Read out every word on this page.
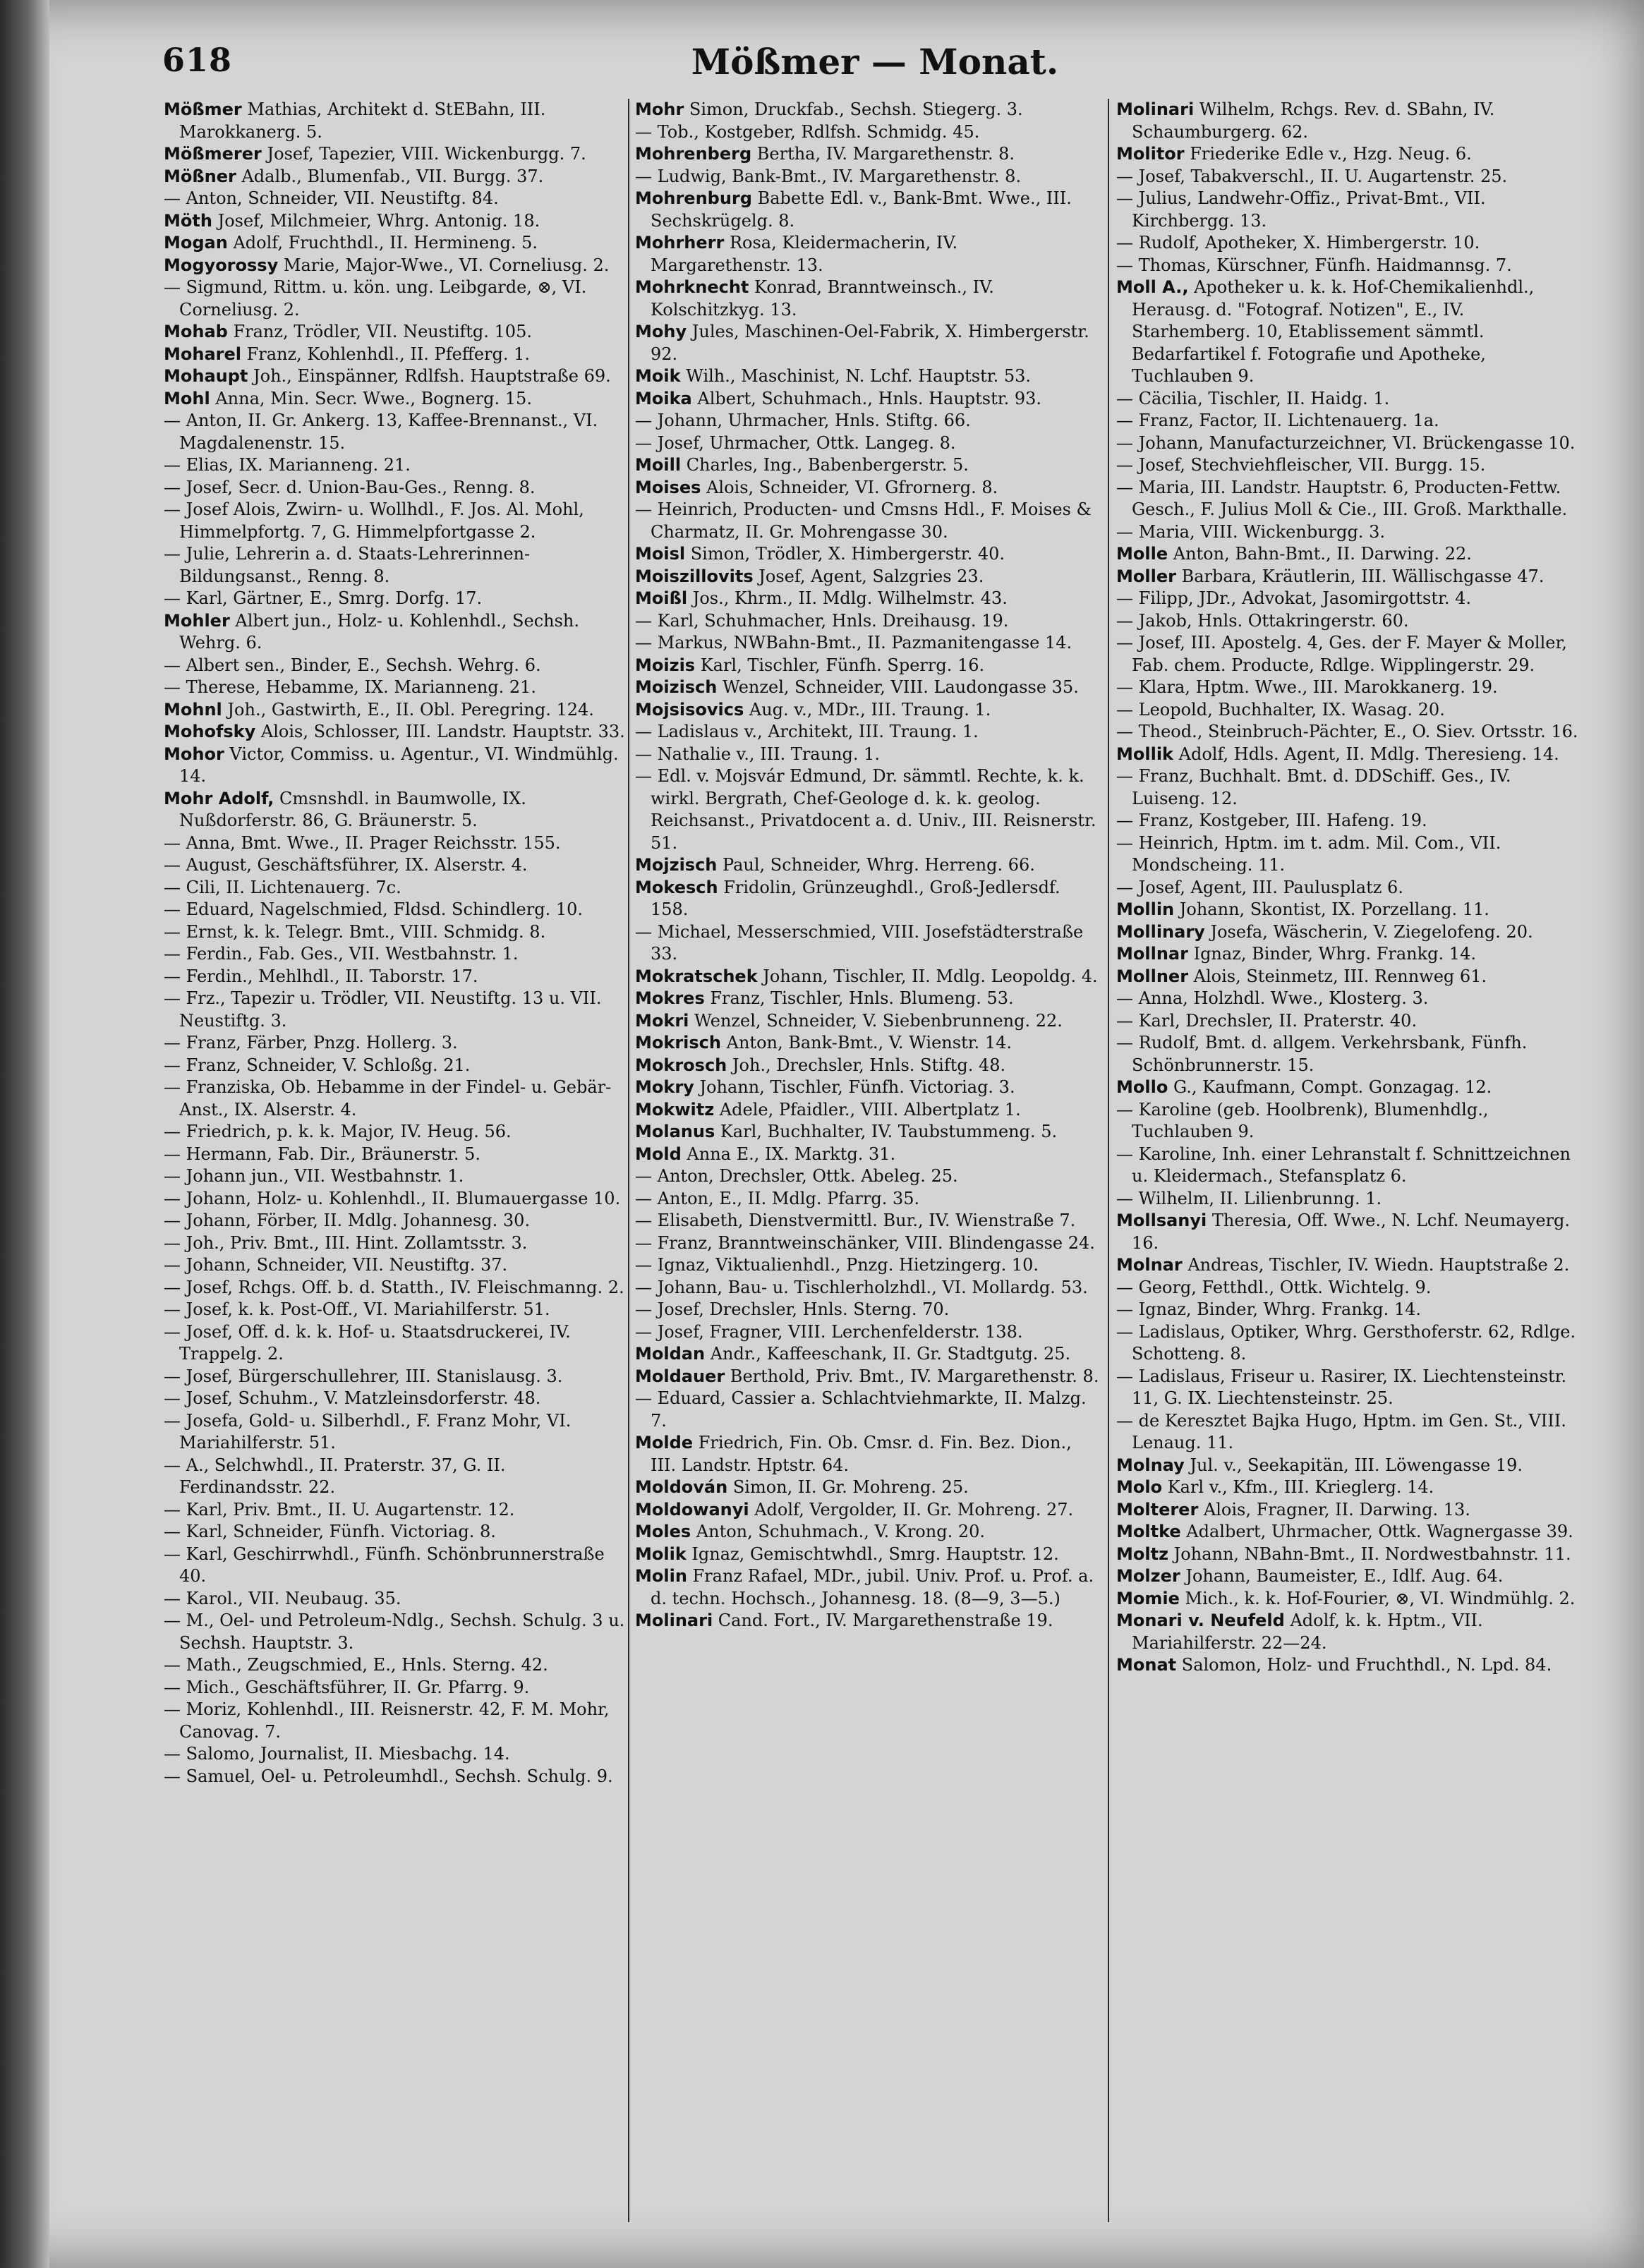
618	Mößmer — Monat.

Mößmer Mathias, Architekt d. StEBahn, III. Marokkanerg. 5.

Mößmerer Josef, Tapezier, VIII. Wickenburgg. 7.

Mößner Adalb., Blumenfab., VII. Burgg. 37.

— Anton, Schneider, VII. Neustiftg. 84.

Möth Josef, Milchmeier, Whrg. Antonig. 18.

Mogan Adolf, Fruchthdl., II. Hermineng. 5.

Mogyorossy Marie, Major-Wwe., VI. Corneliusg. 2.

— Sigmund, Rittm. u. kön. ung. Leibgarde, ⊗, VI. Corneliusg. 2.

Mohab Franz, Trödler, VII. Neustiftg. 105.

Moharel Franz, Kohlenhdl., II. Pfefferg. 1.

Mohaupt Joh., Einspänner, Rdlfsh. Hauptstraße 69.

Mohl Anna, Min. Secr. Wwe., Bognerg. 15.

— Anton, II. Gr. Ankerg. 13, Kaffee-Brennanst., VI. Magdalenenstr. 15.

— Elias, IX. Marianneng. 21.

— Josef, Secr. d. Union-Bau-Ges., Renng. 8.

— Josef Alois, Zwirn- u. Wollhdl., F. Jos. Al. Mohl, Himmelpfortg. 7, G. Himmelpfortgasse 2.

— Julie, Lehrerin a. d. Staats-Lehrerinnen-Bildungsanst., Renng. 8.

— Karl, Gärtner, E., Smrg. Dorfg. 17.

Mohler Albert jun., Holz- u. Kohlenhdl., Sechsh. Wehrg. 6.

— Albert sen., Binder, E., Sechsh. Wehrg. 6.

— Therese, Hebamme, IX. Marianneng. 21.

Mohnl Joh., Gastwirth, E., II. Obl. Peregring. 124.

Mohofsky Alois, Schlosser, III. Landstr. Hauptstr. 33.

Mohor Victor, Commiss. u. Agentur., VI. Windmühlg. 14.

Mohr Adolf, Cmsnshdl. in Baumwolle, IX. Nußdorferstr. 86, G. Bräunerstr. 5.

— Anna, Bmt. Wwe., II. Prager Reichsstr. 155.

— August, Geschäftsführer, IX. Alserstr. 4.

— Cili, II. Lichtenauerg. 7c.

— Eduard, Nagelschmied, Fldsd. Schindlerg. 10.

— Ernst, k. k. Telegr. Bmt., VIII. Schmidg. 8.

— Ferdin., Fab. Ges., VII. Westbahnstr. 1.

— Ferdin., Mehlhdl., II. Taborstr. 17.

— Frz., Tapezir u. Trödler, VII. Neustiftg. 13 u. VII. Neustiftg. 3.

— Franz, Färber, Pnzg. Hollerg. 3.

— Franz, Schneider, V. Schloßg. 21.

— Franziska, Ob. Hebamme in der Findel- u. Gebär-Anst., IX. Alserstr. 4.

— Friedrich, p. k. k. Major, IV. Heug. 56.

— Hermann, Fab. Dir., Bräunerstr. 5.

— Johann jun., VII. Westbahnstr. 1.

— Johann, Holz- u. Kohlenhdl., II. Blumauergasse 10.

— Johann, Förber, II. Mdlg. Johannesg. 30.

— Joh., Priv. Bmt., III. Hint. Zollamtsstr. 3.

— Johann, Schneider, VII. Neustiftg. 37.

— Josef, Rchgs. Off. b. d. Statth., IV. Fleischmanng. 2.

— Josef, k. k. Post-Off., VI. Mariahilferstr. 51.

— Josef, Off. d. k. k. Hof- u. Staatsdruckerei, IV. Trappelg. 2.

— Josef, Bürgerschullehrer, III. Stanislausg. 3.

— Josef, Schuhm., V. Matzleinsdorferstr. 48.

— Josefa, Gold- u. Silberhdl., F. Franz Mohr, VI. Mariahilferstr. 51.

— A., Selchwhdl., II. Praterstr. 37, G. II. Ferdinandsstr. 22.

— Karl, Priv. Bmt., II. U. Augartenstr. 12.

— Karl, Schneider, Fünfh. Victoriag. 8.

— Karl, Geschirrwhdl., Fünfh. Schönbrunnerstraße 40.

— Karol., VII. Neubaug. 35.

— M., Oel- und Petroleum-Ndlg., Sechsh. Schulg. 3 u. Sechsh. Hauptstr. 3.

— Math., Zeugschmied, E., Hnls. Sterng. 42.

— Mich., Geschäftsführer, II. Gr. Pfarrg. 9.

— Moriz, Kohlenhdl., III. Reisnerstr. 42, F. M. Mohr, Canovag. 7.

— Salomo, Journalist, II. Miesbachg. 14.

— Samuel, Oel- u. Petroleumhdl., Sechsh. Schulg. 9.

Mohr Simon, Druckfab., Sechsh. Stiegerg. 3.

— Tob., Kostgeber, Rdlfsh. Schmidg. 45.

Mohrenberg Bertha, IV. Margarethenstr. 8.

— Ludwig, Bank-Bmt., IV. Margarethenstr. 8.

Mohrenburg Babette Edl. v., Bank-Bmt. Wwe., III. Sechskrügelg. 8.

Mohrherr Rosa, Kleidermacherin, IV. Margarethenstr. 13.

Mohrknecht Konrad, Branntweinsch., IV. Kolschitzkyg. 13.

Mohy Jules, Maschinen-Oel-Fabrik, X. Himbergerstr. 92.

Moik Wilh., Maschinist, N. Lchf. Hauptstr. 53.

Moika Albert, Schuhmach., Hnls. Hauptstr. 93.

— Johann, Uhrmacher, Hnls. Stiftg. 66.

— Josef, Uhrmacher, Ottk. Langeg. 8.

Moill Charles, Ing., Babenbergerstr. 5.

Moises Alois, Schneider, VI. Gfrornerg. 8.

— Heinrich, Producten- und Cmsns Hdl., F. Moises & Charmatz, II. Gr. Mohrengasse 30.

Moisl Simon, Trödler, X. Himbergerstr. 40.

Moiszillovits Josef, Agent, Salzgries 23.

Moißl Jos., Khrm., II. Mdlg. Wilhelmstr. 43.

— Karl, Schuhmacher, Hnls. Dreihausg. 19.

— Markus, NWBahn-Bmt., II. Pazmanitengasse 14.

Moizis Karl, Tischler, Fünfh. Sperrg. 16.

Moizisch Wenzel, Schneider, VIII. Laudongasse 35.

Mojsisovics Aug. v., MDr., III. Traung. 1.

— Ladislaus v., Architekt, III. Traung. 1.

— Nathalie v., III. Traung. 1.

— Edl. v. Mojsvár Edmund, Dr. sämmtl. Rechte, k. k. wirkl. Bergrath, Chef-Geologe d. k. k. geolog. Reichsanst., Privatdocent a. d. Univ., III. Reisnerstr. 51.

Mojzisch Paul, Schneider, Whrg. Herreng. 66.

Mokesch Fridolin, Grünzeughdl., Groß-Jedlersdf. 158.

— Michael, Messerschmied, VIII. Josefstädterstraße 33.

Mokratschek Johann, Tischler, II. Mdlg. Leopoldg. 4.

Mokres Franz, Tischler, Hnls. Blumeng. 53.

Mokri Wenzel, Schneider, V. Siebenbrunneng. 22.

Mokrisch Anton, Bank-Bmt., V. Wienstr. 14.

Mokrosch Joh., Drechsler, Hnls. Stiftg. 48.

Mokry Johann, Tischler, Fünfh. Victoriag. 3.

Mokwitz Adele, Pfaidler., VIII. Albertplatz 1.

Molanus Karl, Buchhalter, IV. Taubstummeng. 5.

Mold Anna E., IX. Marktg. 31.

— Anton, Drechsler, Ottk. Abeleg. 25.

— Anton, E., II. Mdlg. Pfarrg. 35.

— Elisabeth, Dienstvermittl. Bur., IV. Wienstraße 7.

— Franz, Branntweinschänker, VIII. Blindengasse 24.

— Ignaz, Viktualienhdl., Pnzg. Hietzingerg. 10.

— Johann, Bau- u. Tischlerholzhdl., VI. Mollardg. 53.

— Josef, Drechsler, Hnls. Sterng. 70.

— Josef, Fragner, VIII. Lerchenfelderstr. 138.

Moldan Andr., Kaffeeschank, II. Gr. Stadtgutg. 25.

Moldauer Berthold, Priv. Bmt., IV. Margarethenstr. 8.

— Eduard, Cassier a. Schlachtviehmarkte, II. Malzg. 7.

Molde Friedrich, Fin. Ob. Cmsr. d. Fin. Bez. Dion., III. Landstr. Hptstr. 64.

Moldován Simon, II. Gr. Mohreng. 25.

Moldowanyi Adolf, Vergolder, II. Gr. Mohreng. 27.

Moles Anton, Schuhmach., V. Krong. 20.

Molik Ignaz, Gemischtwhdl., Smrg. Hauptstr. 12.

Molin Franz Rafael, MDr., jubil. Univ. Prof. u. Prof. a. d. techn. Hochsch., Johannesg. 18. (8—9, 3—5.)

Molinari Cand. Fort., IV. Margarethenstraße 19.

Molinari Wilhelm, Rchgs. Rev. d. SBahn, IV. Schaumburgerg. 62.

Molitor Friederike Edle v., Hzg. Neug. 6.

— Josef, Tabakverschl., II. U. Augartenstr. 25.

— Julius, Landwehr-Offiz., Privat-Bmt., VII. Kirchbergg. 13.

— Rudolf, Apotheker, X. Himbergerstr. 10.

— Thomas, Kürschner, Fünfh. Haidmannsg. 7.

Moll A., Apotheker u. k. k. Hof-Chemikalienhdl., Herausg. d. "Fotograf. Notizen", E., IV. Starhemberg. 10, Etablissement sämmtl. Bedarfartikel f. Fotografie und Apotheke, Tuchlauben 9.

— Cäcilia, Tischler, II. Haidg. 1.

— Franz, Factor, II. Lichtenauerg. 1a.

— Johann, Manufacturzeichner, VI. Brückengasse 10.

— Josef, Stechviehfleischer, VII. Burgg. 15.

— Maria, III. Landstr. Hauptstr. 6, Producten-Fettw. Gesch., F. Julius Moll & Cie., III. Groß. Markthalle.

— Maria, VIII. Wickenburgg. 3.

Molle Anton, Bahn-Bmt., II. Darwing. 22.

Moller Barbara, Kräutlerin, III. Wällischgasse 47.

— Filipp, JDr., Advokat, Jasomirgottstr. 4.

— Jakob, Hnls. Ottakringerstr. 60.

— Josef, III. Apostelg. 4, Ges. der F. Mayer & Moller, Fab. chem. Producte, Rdlge. Wipplingerstr. 29.

— Klara, Hptm. Wwe., III. Marokkanerg. 19.

— Leopold, Buchhalter, IX. Wasag. 20.

— Theod., Steinbruch-Pächter, E., O. Siev. Ortsstr. 16.

Mollik Adolf, Hdls. Agent, II. Mdlg. Theresieng. 14.

— Franz, Buchhalt. Bmt. d. DDSchiff. Ges., IV. Luiseng. 12.

— Franz, Kostgeber, III. Hafeng. 19.

— Heinrich, Hptm. im t. adm. Mil. Com., VII. Mondscheing. 11.

— Josef, Agent, III. Paulusplatz 6.

Mollin Johann, Skontist, IX. Porzellang. 11.

Mollinary Josefa, Wäscherin, V. Ziegelofeng. 20.

Mollnar Ignaz, Binder, Whrg. Frankg. 14.

Mollner Alois, Steinmetz, III. Rennweg 61.

— Anna, Holzhdl. Wwe., Klosterg. 3.

— Karl, Drechsler, II. Praterstr. 40.

— Rudolf, Bmt. d. allgem. Verkehrsbank, Fünfh. Schönbrunnerstr. 15.

Mollo G., Kaufmann, Compt. Gonzagag. 12.

— Karoline (geb. Hoolbrenk), Blumenhdlg., Tuchlauben 9.

— Karoline, Inh. einer Lehranstalt f. Schnittzeichnen u. Kleidermach., Stefansplatz 6.

— Wilhelm, II. Lilienbrunng. 1.

Mollsanyi Theresia, Off. Wwe., N. Lchf. Neumayerg. 16.

Molnar Andreas, Tischler, IV. Wiedn. Hauptstraße 2.

— Georg, Fetthdl., Ottk. Wichtelg. 9.

— Ignaz, Binder, Whrg. Frankg. 14.

— Ladislaus, Optiker, Whrg. Gersthoferstr. 62, Rdlge. Schotteng. 8.

— Ladislaus, Friseur u. Rasirer, IX. Liechtensteinstr. 11, G. IX. Liechtensteinstr. 25.

— de Keresztet Bajka Hugo, Hptm. im Gen. St., VIII. Lenaug. 11.

Molnay Jul. v., Seekapitän, III. Löwengasse 19.

Molo Karl v., Kfm., III. Krieglerg. 14.

Molterer Alois, Fragner, II. Darwing. 13.

Moltke Adalbert, Uhrmacher, Ottk. Wagnergasse 39.

Moltz Johann, NBahn-Bmt., II. Nordwestbahnstr. 11.

Molzer Johann, Baumeister, E., Idlf. Aug. 64.

Momie Mich., k. k. Hof-Fourier, ⊗, VI. Windmühlg. 2.

Monari v. Neufeld Adolf, k. k. Hptm., VII. Mariahilferstr. 22—24.

Monat Salomon, Holz- und Fruchthdl., N. Lpd. 84.
